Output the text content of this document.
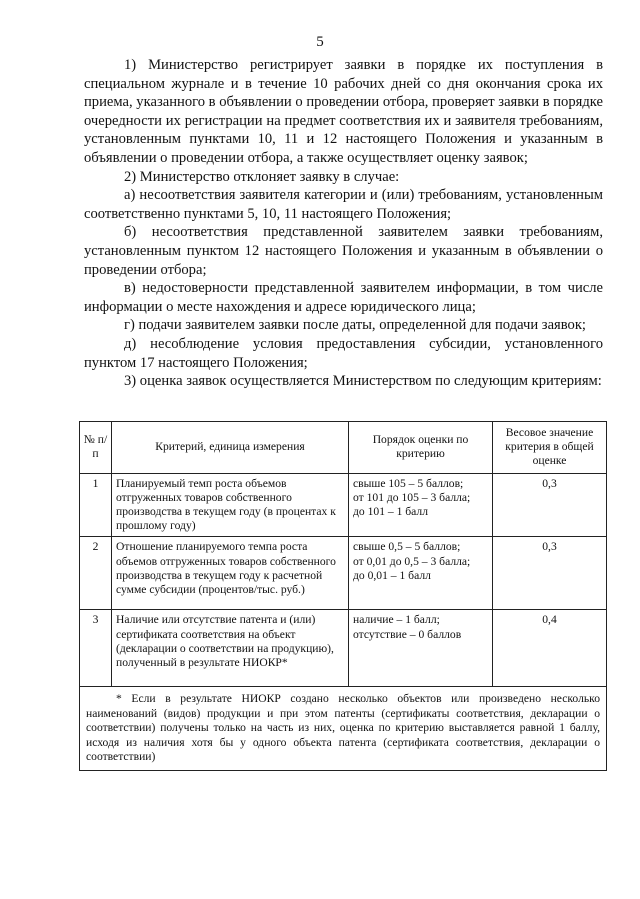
5

1) Министерство регистрирует заявки в порядке их поступления в специальном журнале и в течение 10 рабочих дней со дня окончания срока их приема, указанного в объявлении о проведении отбора, проверяет заявки в порядке очередности их регистрации на предмет соответствия их и заявителя требованиям, установленным пунктами 10, 11 и 12 настоящего Положения и указанным в объявлении о проведении отбора, а также осуществляет оценку заявок;

2) Министерство отклоняет заявку в случае:

а) несоответствия заявителя категории и (или) требованиям, установленным соответственно пунктами 5, 10, 11 настоящего Положения;

б) несоответствия представленной заявителем заявки требованиям, установленным пунктом 12 настоящего Положения и указанным в объявлении о проведении отбора;

в) недостоверности представленной заявителем информации, в том числе информации о месте нахождения и адресе юридического лица;

г) подачи заявителем заявки после даты, определенной для подачи заявок;

д) несоблюдение условия предоставления субсидии, установленного пунктом 17 настоящего Положения;

3) оценка заявок осуществляется Министерством по следующим критериям:

№ п/п	Критерий, единица измерения	Порядок оценки по критерию	Весовое значение критерия в общей оценке
1	Планируемый темп роста объемов отгруженных товаров собственного производства в текущем году (в процентах к прошлому году)	свыше 105 – 5 баллов;
от 101 до 105 – 3 балла;
до 101 – 1 балл	0,3
2	Отношение планируемого темпа роста объемов отгруженных товаров собственного производства в текущем году к расчетной сумме субсидии (процентов/тыс. руб.)	свыше 0,5 – 5 баллов;
от 0,01 до 0,5 – 3 балла;
до 0,01 – 1 балл	0,3
3	Наличие или отсутствие патента и (или) сертификата соответствия на объект (декларации о соответствии на продукцию), полученный в результате НИОКР*	наличие – 1 балл;
отсутствие – 0 баллов	0,4
* Если в результате НИОКР создано несколько объектов или произведено несколько наименований (видов) продукции и при этом патенты (сертификаты соответствия, декларации о соответствии) получены только на часть из них, оценка по критерию выставляется равной 1 баллу, исходя из наличия хотя бы у одного объекта патента (сертификата соответствия, декларации о соответствии)			
